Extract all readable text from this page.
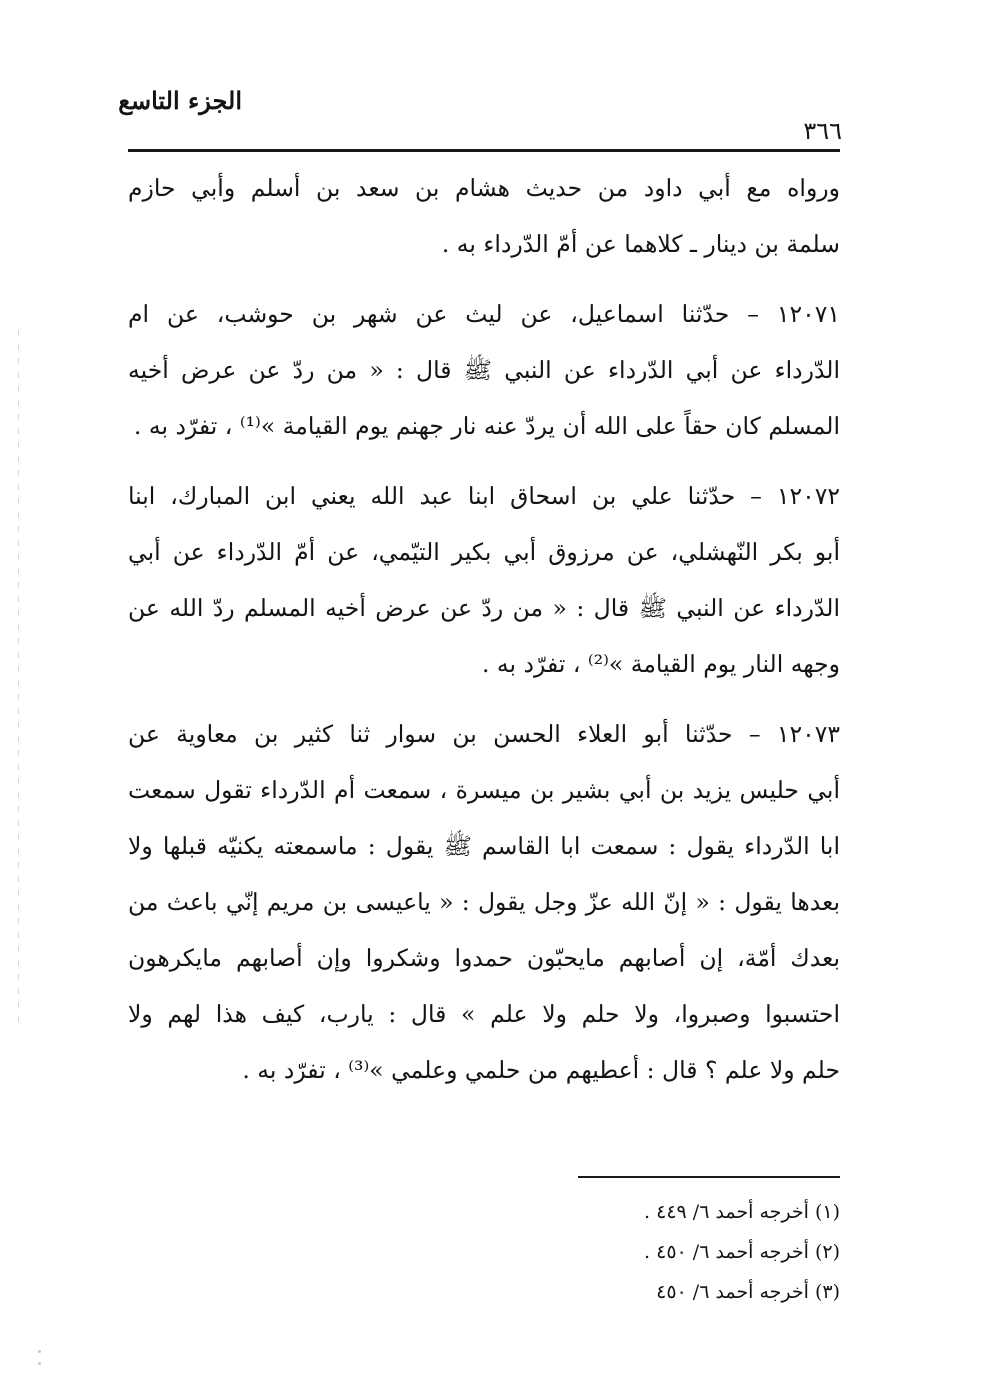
الجزء التاسع
٣٦٦
ورواه مع أبي داود من حديث هشام بن سعد بن أسلم وأبي حازم
سلمة بن دينار ـ كلاهما عن أمّ الدّرداء به .
١٢٠٧١ – حدّثنا اسماعيل، عن ليث عن شهر بن حوشب، عن ام
الدّرداء عن أبي الدّرداء عن النبي ﷺ قال : « من ردّ عن عرض أخيه
المسلم كان حقاً على الله أن يردّ عنه نار جهنم يوم القيامة »⁽¹⁾ ، تفرّد به .
١٢٠٧٢ – حدّثنا علي بن اسحاق ابنا عبد الله يعني ابن المبارك، ابنا
أبو بكر النّهشلي، عن مرزوق أبي بكير التيّمي، عن أمّ الدّرداء عن أبي
الدّرداء عن النبي ﷺ قال : « من ردّ عن عرض أخيه المسلم ردّ الله عن
وجهه النار يوم القيامة »⁽²⁾ ، تفرّد به .
١٢٠٧٣ – حدّثنا أبو العلاء الحسن بن سوار ثنا كثير بن معاوية عن
أبي حليس يزيد بن أبي بشير بن ميسرة ، سمعت أم الدّرداء تقول سمعت
ابا الدّرداء يقول : سمعت ابا القاسم ﷺ يقول : ماسمعته يكنيّه قبلها ولا
بعدها يقول : « إنّ الله عزّ وجل يقول : « ياعيسى بن مريم إنّي باعث من
بعدك أمّة، إن أصابهم مايحبّون حمدوا وشكروا وإن أصابهم مايكرهون
احتسبوا وصبروا، ولا حلم ولا علم » قال : يارب، كيف هذا لهم ولا
حلم ولا علم ؟ قال : أعطيهم من حلمي وعلمي »⁽³⁾ ، تفرّد به .
(١) أخرجه أحمد ٦/ ٤٤٩ .
(٢) أخرجه أحمد ٦/ ٤٥٠ .
(٣) أخرجه أحمد ٦/ ٤٥٠
